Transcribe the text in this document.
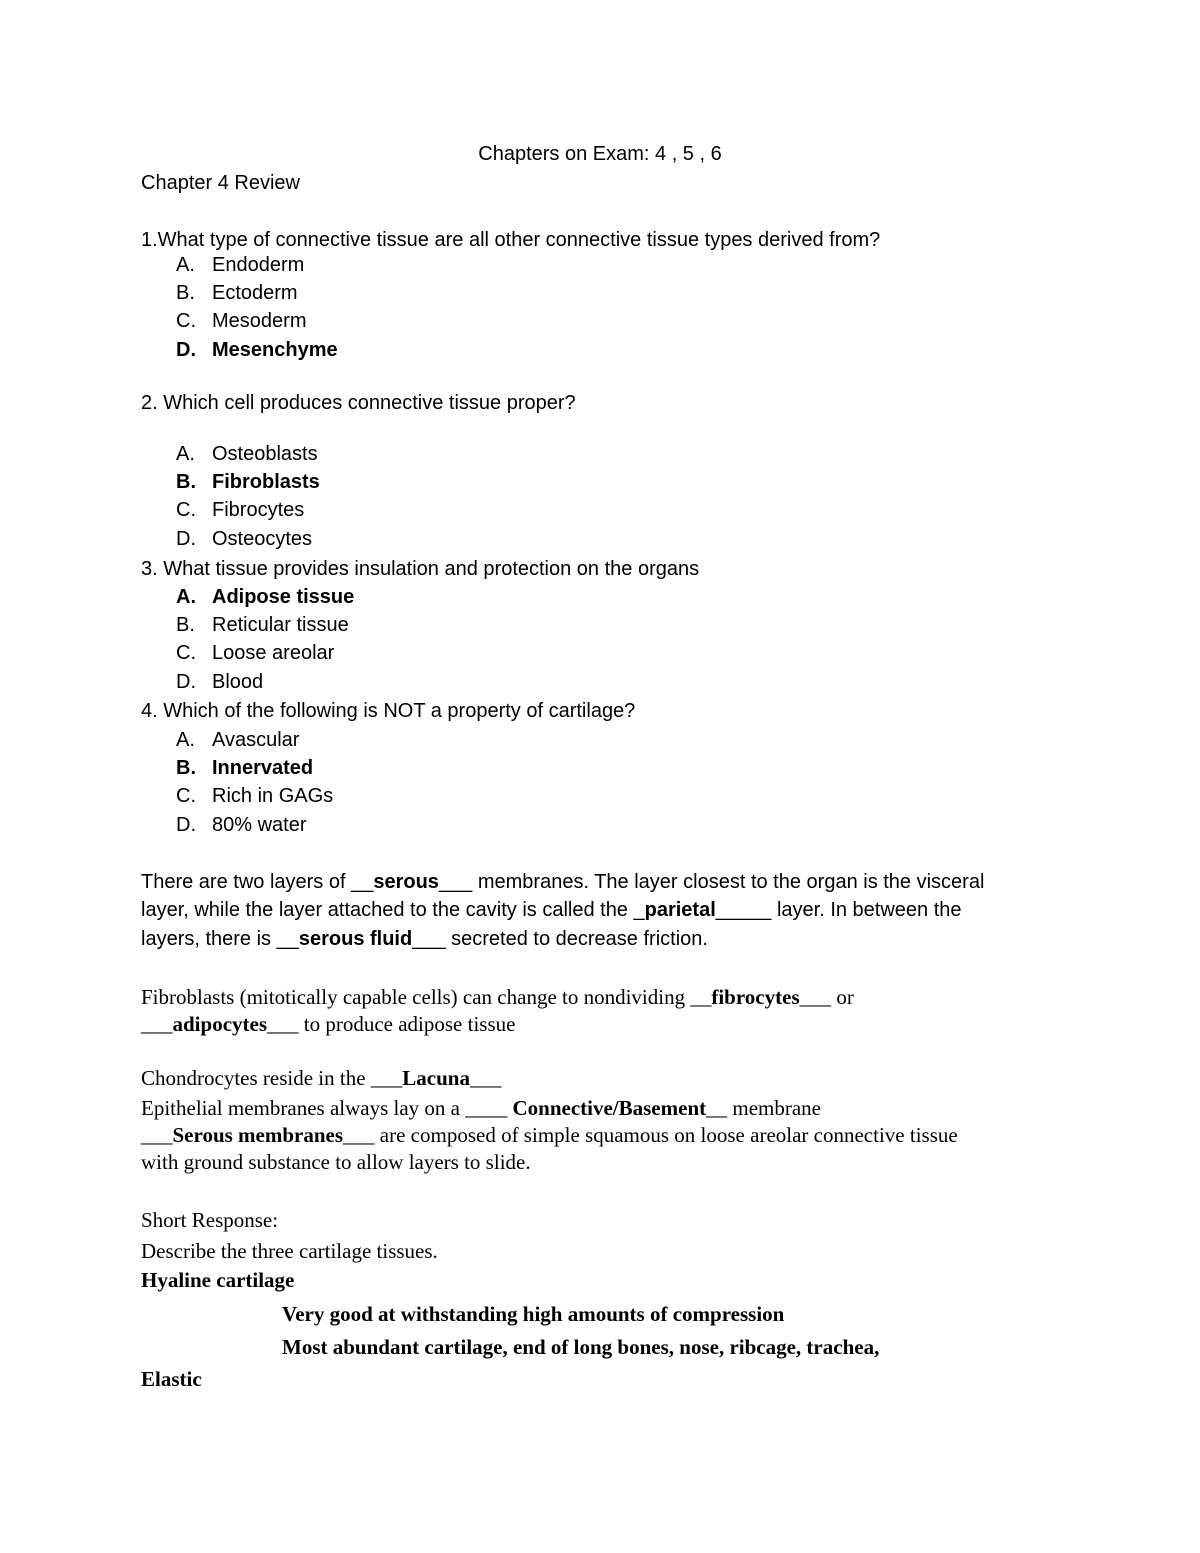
Chapters on Exam: 4 , 5 , 6
Chapter 4 Review
1.What type of connective tissue are all other connective tissue types derived from?
A. Endoderm
B. Ectoderm
C. Mesoderm
D. Mesenchyme
2. Which cell produces connective tissue proper?
A. Osteoblasts
B. Fibroblasts
C. Fibrocytes
D. Osteocytes
3. What tissue provides insulation and protection on the organs
A. Adipose tissue
B. Reticular tissue
C. Loose areolar
D. Blood
4. Which of the following is NOT a property of cartilage?
A. Avascular
B. Innervated
C. Rich in GAGs
D. 80% water
There are two layers of __serous___ membranes. The layer closest to the organ is the visceral
layer, while the layer attached to the cavity is called the _parietal_____ layer. In between the
layers, there is __serous fluid___ secreted to decrease friction.
Fibroblasts (mitotically capable cells) can change to nondividing __fibrocytes___ or
___adipocytes___ to produce adipose tissue
Chondrocytes reside in the ___Lacuna___
Epithelial membranes always lay on a ____ Connective/Basement__ membrane
___Serous membranes___ are composed of simple squamous on loose areolar connective tissue
with ground substance to allow layers to slide.
Short Response:
Describe the three cartilage tissues.
Hyaline cartilage
Very good at withstanding high amounts of compression
Most abundant cartilage, end of long bones, nose, ribcage, trachea,
Elastic
